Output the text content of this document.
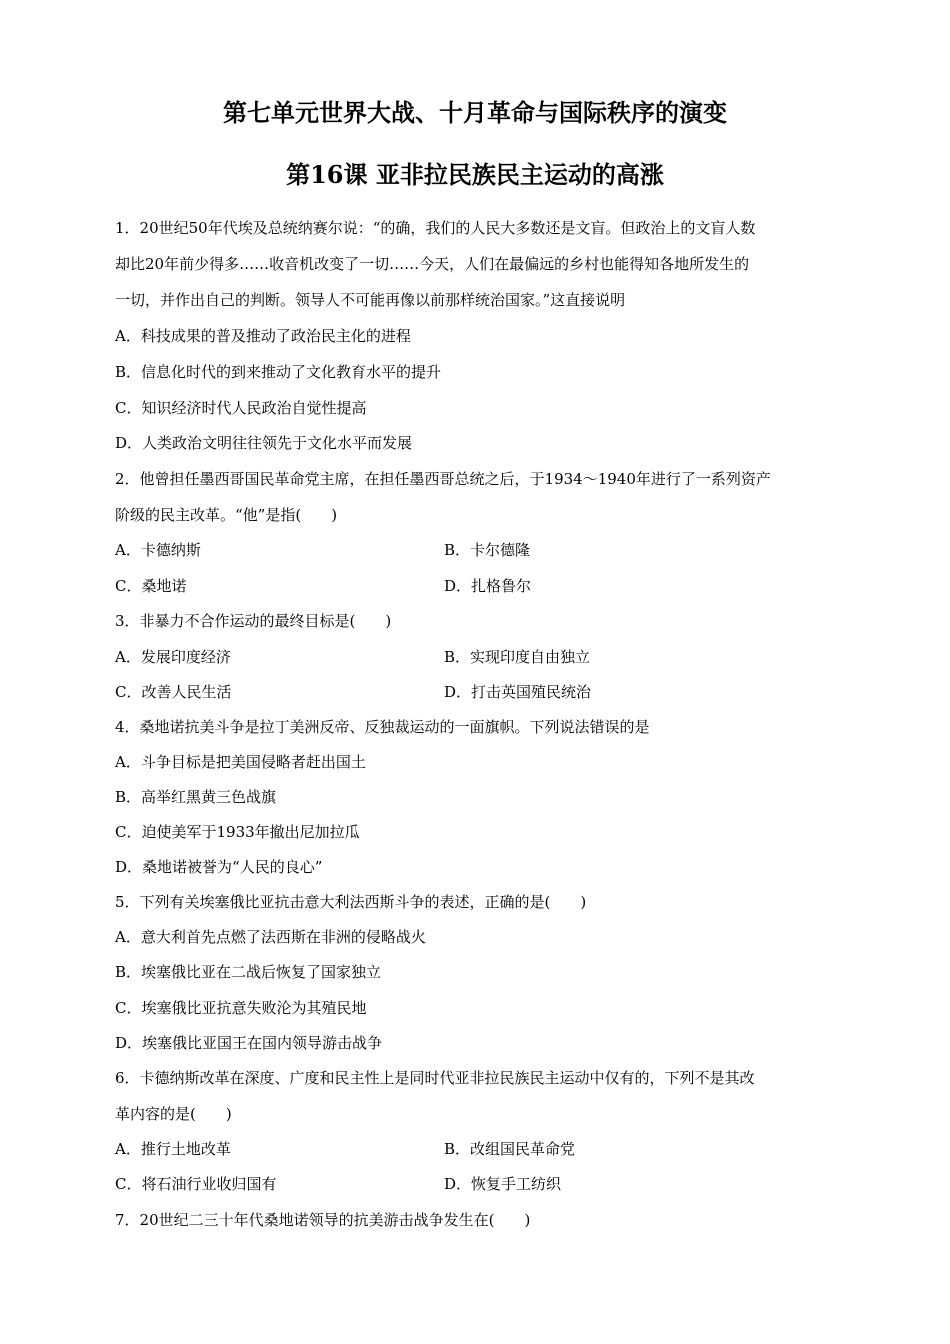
第七单元世界大战、十月革命与国际秩序的演变
第16课 亚非拉民族民主运动的高涨
1．20世纪50年代埃及总统纳赛尔说：“的确，我们的人民大多数还是文盲。但政治上的文盲人数
却比20年前少得多……收音机改变了一切……今天，人们在最偏远的乡村也能得知各地所发生的
一切，并作出自己的判断。领导人不可能再像以前那样统治国家。”这直接说明
A．科技成果的普及推动了政治民主化的进程
B．信息化时代的到来推动了文化教育水平的提升
C．知识经济时代人民政治自觉性提高
D．人类政治文明往往领先于文化水平而发展
2．他曾担任墨西哥国民革命党主席，在担任墨西哥总统之后，于1934～1940年进行了一系列资产
阶级的民主改革。“他”是指(　　)
A．卡德纳斯	B．卡尔德隆
C．桑地诺	D．扎格鲁尔
3．非暴力不合作运动的最终目标是(　　)
A．发展印度经济	B．实现印度自由独立
C．改善人民生活	D．打击英国殖民统治
4．桑地诺抗美斗争是拉丁美洲反帝、反独裁运动的一面旗帜。下列说法错误的是
A．斗争目标是把美国侵略者赶出国土
B．高举红黑黄三色战旗
C．迫使美军于1933年撤出尼加拉瓜
D．桑地诺被誉为“人民的良心”
5．下列有关埃塞俄比亚抗击意大利法西斯斗争的表述，正确的是(　　)
A．意大利首先点燃了法西斯在非洲的侵略战火
B．埃塞俄比亚在二战后恢复了国家独立
C．埃塞俄比亚抗意失败沦为其殖民地
D．埃塞俄比亚国王在国内领导游击战争
6．卡德纳斯改革在深度、广度和民主性上是同时代亚非拉民族民主运动中仅有的，下列不是其改
革内容的是(　　)
A．推行土地改革	B．改组国民革命党
C．将石油行业收归国有	D．恢复手工纺织
7．20世纪二三十年代桑地诺领导的抗美游击战争发生在(　　)
